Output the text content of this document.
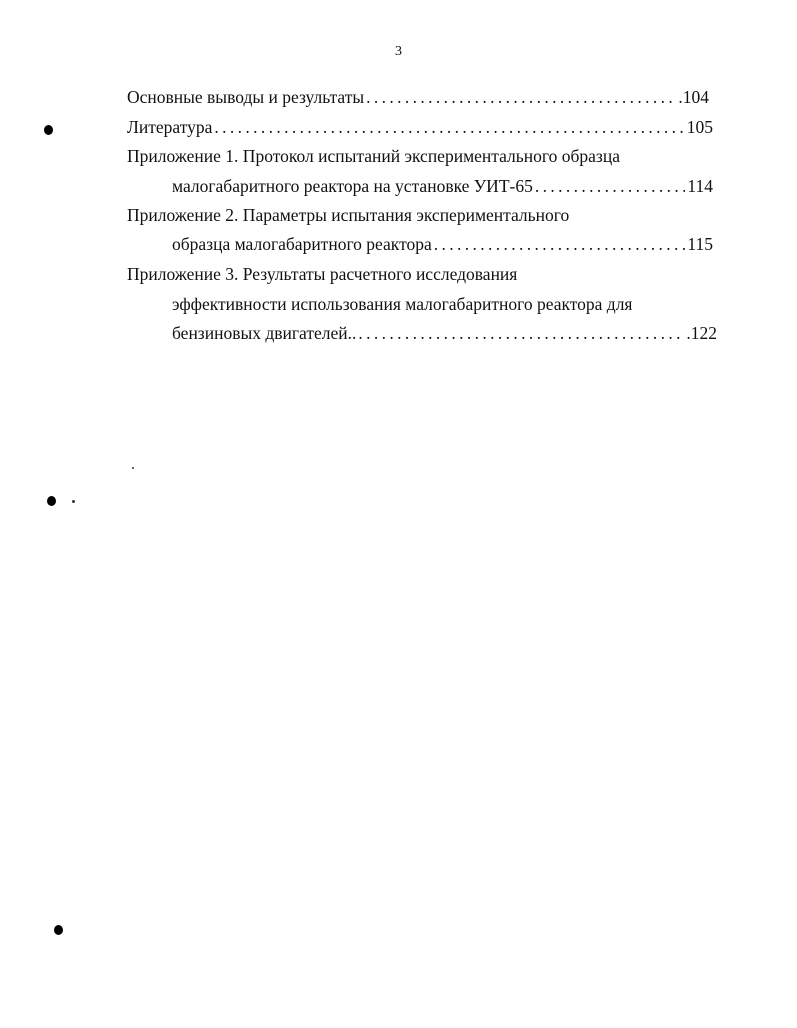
3
Основные выводы и результаты . . .	.104
Литература . . .	105
Приложение 1. Протокол испытаний экспериментального образца
малогабаритного реактора на установке УИТ-65 . . .	114
Приложение 2. Параметры испытания экспериментального
образца малогабаритного реактора . . .	115
Приложение 3. Результаты расчетного исследования
эффективности использования малогабаритного реактора для
бензиновых двигателей.. . . .	.122
